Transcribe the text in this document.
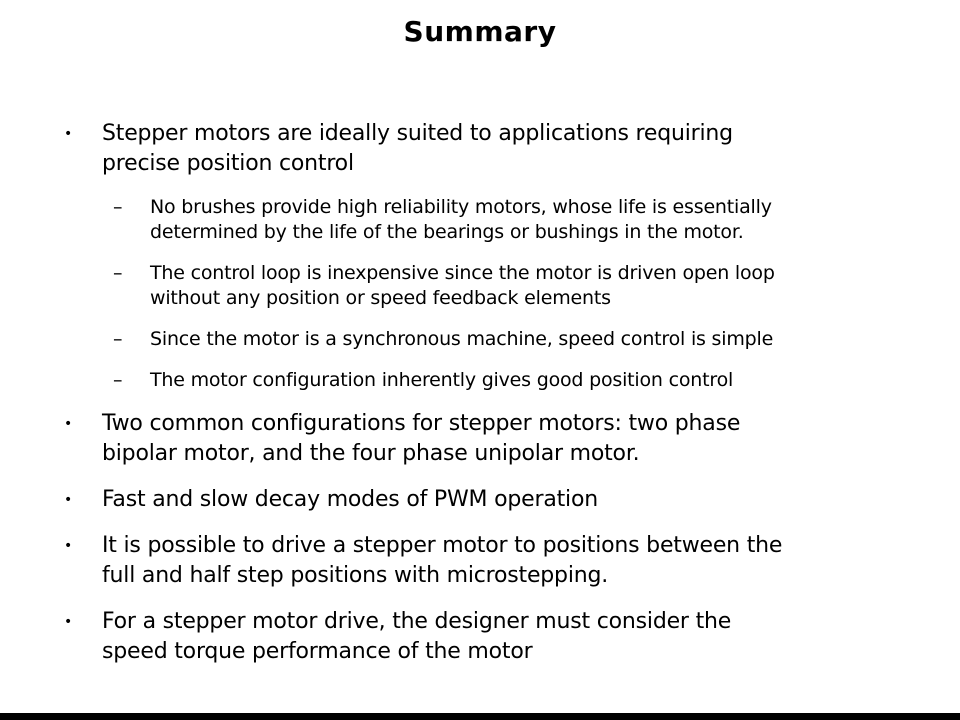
Summary
•	Stepper motors are ideally suited to applications requiring
precise position control
–	No brushes provide high reliability motors, whose life is essentially
determined by the life of the bearings or bushings in the motor.
–	The control loop is inexpensive since the motor is driven open loop
without any position or speed feedback elements
–	Since the motor is a synchronous machine, speed control is simple
–	The motor configuration inherently gives good position control
•	Two common configurations for stepper motors: two phase
bipolar motor, and the four phase unipolar motor.
•	Fast and slow decay modes of PWM operation
•	It is possible to drive a stepper motor to positions between the
full and half step positions with microstepping.
•	For a stepper motor drive, the designer must consider the
speed torque performance of the motor
